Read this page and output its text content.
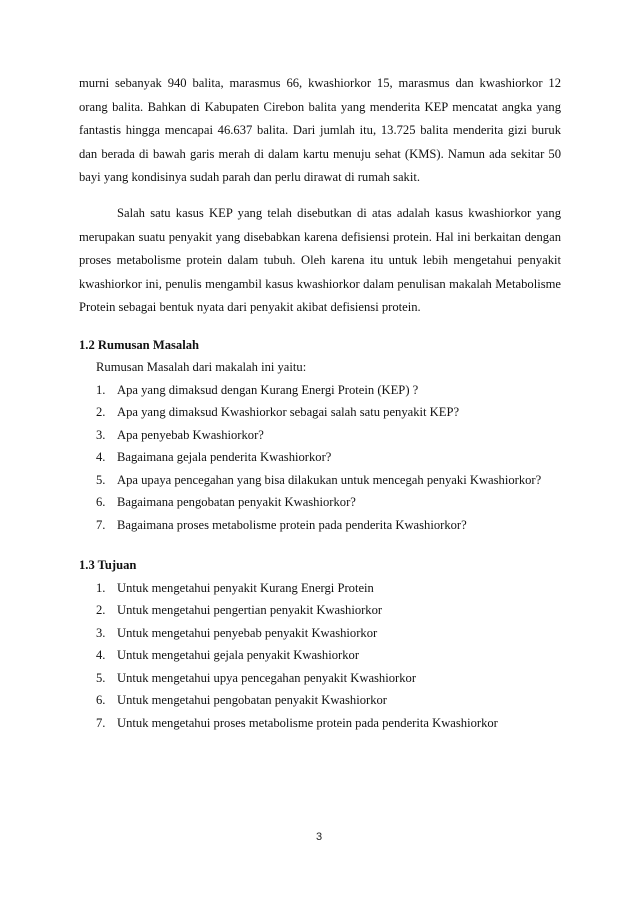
murni sebanyak 940 balita, marasmus 66, kwashiorkor 15, marasmus dan kwashiorkor 12 orang balita. Bahkan di Kabupaten Cirebon balita yang menderita KEP mencatat angka yang fantastis hingga mencapai 46.637 balita. Dari jumlah itu, 13.725 balita menderita gizi buruk dan berada di bawah garis merah di dalam kartu menuju sehat (KMS). Namun ada sekitar 50 bayi yang kondisinya sudah parah dan perlu dirawat di rumah sakit.

Salah satu kasus KEP yang telah disebutkan di atas adalah kasus kwashiorkor yang merupakan suatu penyakit yang disebabkan karena defisiensi protein. Hal ini berkaitan dengan proses metabolisme protein dalam tubuh. Oleh karena itu untuk lebih mengetahui penyakit kwashiorkor ini, penulis mengambil kasus kwashiorkor dalam penulisan makalah Metabolisme Protein sebagai bentuk nyata dari penyakit akibat defisiensi protein.

1.2 Rumusan Masalah

Rumusan Masalah dari makalah ini yaitu:

1. Apa yang dimaksud dengan Kurang Energi Protein (KEP) ?
2. Apa yang dimaksud Kwashiorkor sebagai salah satu penyakit KEP?
3. Apa penyebab Kwashiorkor?
4. Bagaimana gejala penderita Kwashiorkor?
5. Apa upaya pencegahan yang bisa dilakukan untuk mencegah penyaki Kwashiorkor?
6. Bagaimana pengobatan penyakit Kwashiorkor?
7. Bagaimana proses metabolisme protein pada penderita Kwashiorkor?

1.3 Tujuan

1. Untuk mengetahui penyakit Kurang Energi Protein
2. Untuk mengetahui pengertian penyakit Kwashiorkor
3. Untuk mengetahui penyebab penyakit Kwashiorkor
4. Untuk mengetahui gejala penyakit Kwashiorkor
5. Untuk mengetahui upya pencegahan penyakit Kwashiorkor
6. Untuk mengetahui pengobatan penyakit Kwashiorkor
7. Untuk mengetahui proses metabolisme protein pada penderita Kwashiorkor
3
